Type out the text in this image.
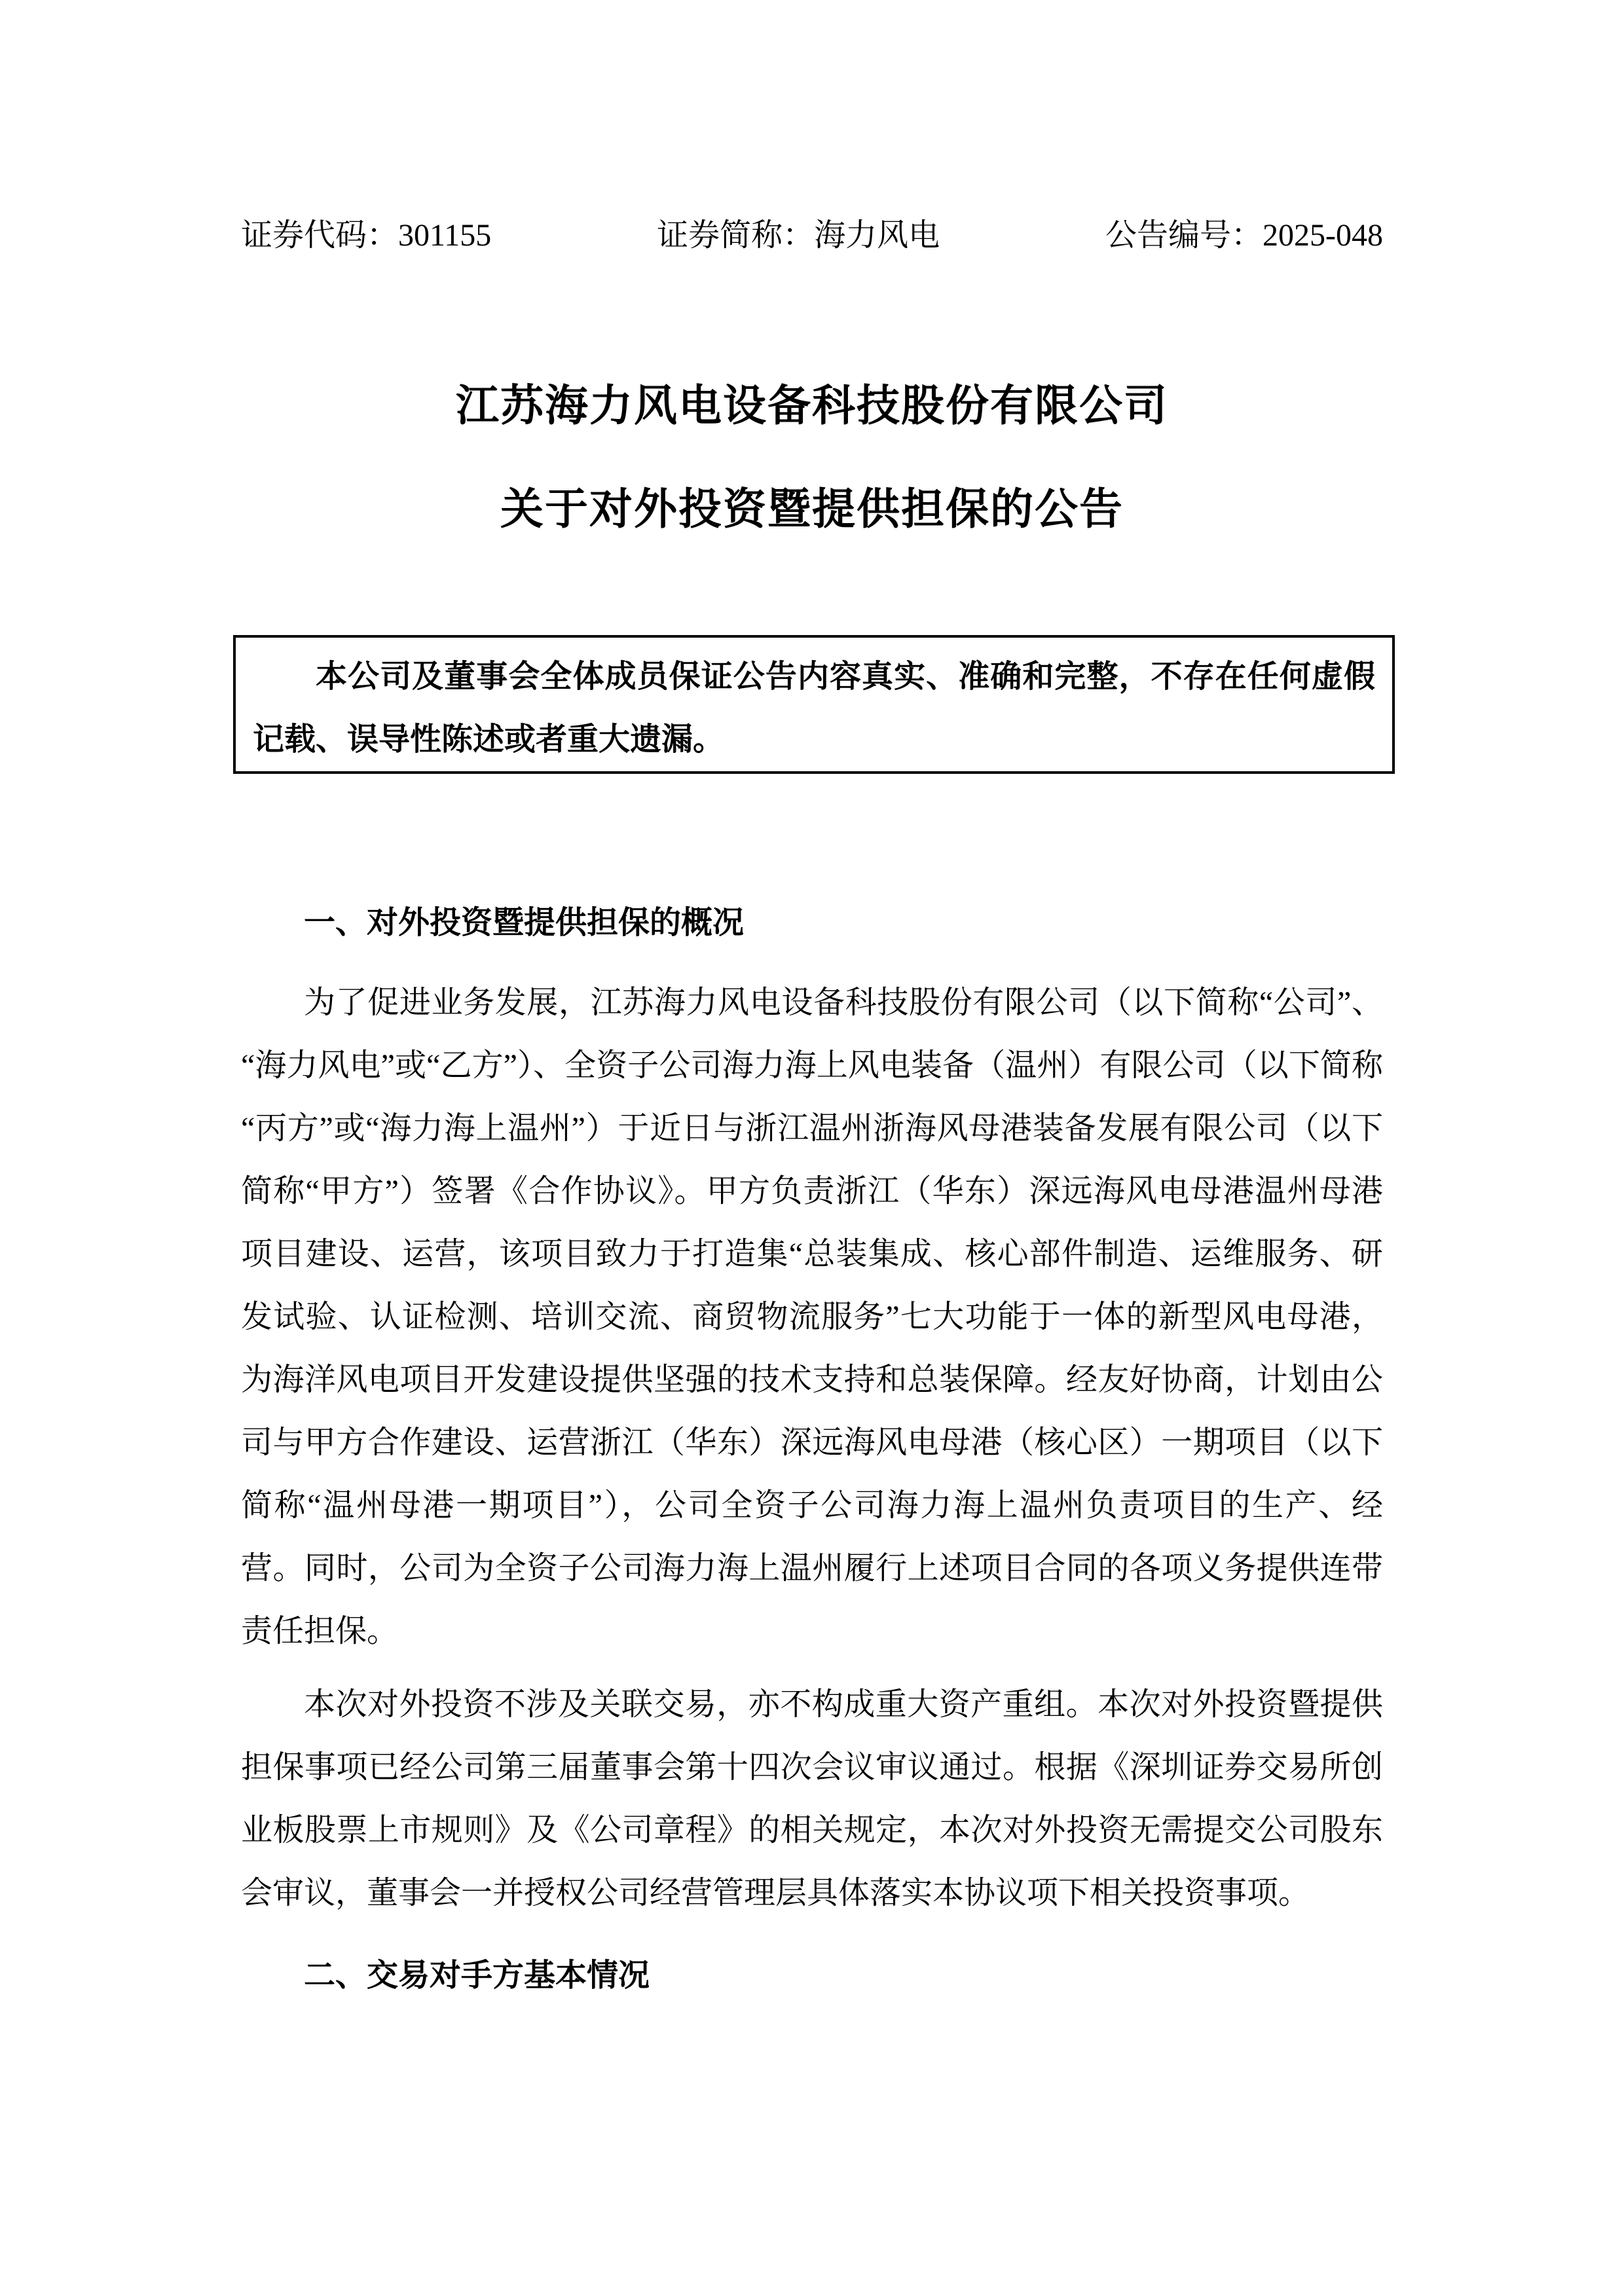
证券代码：301155	证券简称：海力风电	公告编号：2025-048
江苏海力风电设备科技股份有限公司
关于对外投资暨提供担保的公告

本公司及董事会全体成员保证公告内容真实、准确和完整，不存在任何虚假记载、误导性陈述或者重大遗漏。

一、对外投资暨提供担保的概况

为了促进业务发展，江苏海力风电设备科技股份有限公司（以下简称“公司”、“海力风电”或“乙方”）、全资子公司海力海上风电装备（温州）有限公司（以下简称“丙方”或“海力海上温州”）于近日与浙江温州浙海风母港装备发展有限公司（以下简称“甲方”）签署《合作协议》。甲方负责浙江（华东）深远海风电母港温州母港项目建设、运营，该项目致力于打造集“总装集成、核心部件制造、运维服务、研发试验、认证检测、培训交流、商贸物流服务”七大功能于一体的新型风电母港，为海洋风电项目开发建设提供坚强的技术支持和总装保障。经友好协商，计划由公司与甲方合作建设、运营浙江（华东）深远海风电母港（核心区）一期项目（以下简称“温州母港一期项目”），公司全资子公司海力海上温州负责项目的生产、经营。同时，公司为全资子公司海力海上温州履行上述项目合同的各项义务提供连带责任担保。

本次对外投资不涉及关联交易，亦不构成重大资产重组。本次对外投资暨提供担保事项已经公司第三届董事会第十四次会议审议通过。根据《深圳证券交易所创业板股票上市规则》及《公司章程》的相关规定，本次对外投资无需提交公司股东会审议，董事会一并授权公司经营管理层具体落实本协议项下相关投资事项。

二、交易对手方基本情况
